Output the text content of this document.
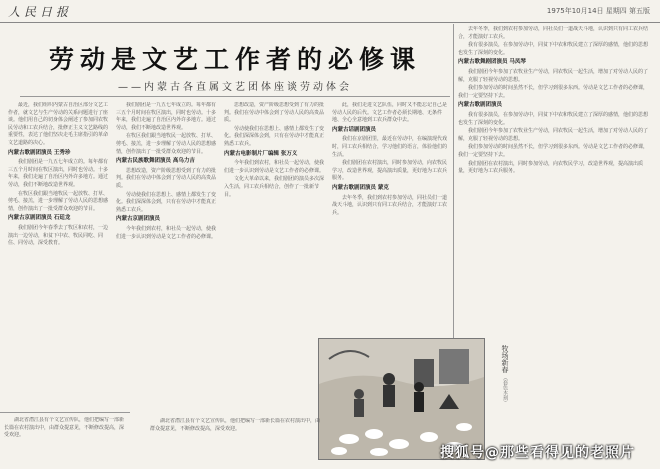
人民日报	1975年10月14日 星期四 第五版
劳动是文艺工作者的必修课
——内蒙古各直属文艺团体座谈劳动体会

最近，我们组织内蒙古自治区部分文艺工作者，就文艺与生产劳动的关系问题进行了座谈。他们用自己的切身体会阐述了参加同农牧民劳动和工农兵结合，批修正主义文艺路线的重要性，表达了他们坚决走毛主席指引的革命文艺道路的决心。

内蒙古歌剧团演员 王秀珍

我们剧团是一九五七年成立的。每年都有三五个月时间在牧区演出，同时也劳动。十多年来，我们走遍了自治区内外许多地方。通过劳动，我们不断地改造世界观。

在牧区我们跟当地牧民一起放牧、打草、剪毛、接羔，进一步理解了劳动人民的思想感情，创作演出了一批受群众欢迎的节目。

内蒙古京剧团演员 石廷龙

我们剧团今年春季去了牧区和农村，一边演出一边劳动，和贫下中农、牧民同吃、同住、同劳动，深受教育。

我们剧团是一九五七年成立的。每年都有三五个月时间在牧区演出，同时也劳动。十多年来，我们走遍了自治区内外许多地方。通过劳动，我们不断地改造世界观。

在牧区我们跟当地牧民一起放牧、打草、剪毛、接羔，进一步理解了劳动人民的思想感情，创作演出了一批受群众欢迎的节目。

内蒙古民族歌舞团演员 高乌力吉

思想改造，资产阶级思想受到了有力的批判。我们在劳动中体会到了劳动人民的高贵品质。

劳动使我们在思想上、感情上都发生了变化。我们深深体会到，只有在劳动中才能真正熟悉工农兵。

内蒙古京剧团演员

今年我们到农村，和社员一起劳动，使我们进一步认识到劳动是文艺工作者的必修课。

思想改造，资产阶级思想受到了有力的批判。我们在劳动中体会到了劳动人民的高贵品质。

劳动使我们在思想上、感情上都发生了变化。我们深深体会到，只有在劳动中才能真正熟悉工农兵。

内蒙古电影制片厂编辑 张万义

今年我们到农村，和社员一起劳动，使我们进一步认识到劳动是文艺工作者的必修课。

文化大革命以来，我们剧团的演员多次深入生活，同工农兵相结合，创作了一批新节目。

此，我们走进文艺队伍，同时又不能忘记自己是劳动人民的后代。文艺工作者必须长期地、无条件地、全心全意地到工农兵群众中去。

内蒙古话剧团演员

我们在京剧团里，最近在劳动中，在编演现代戏时，同工农兵相结合，学习他们的语言，体验他们的生活。

我们剧团在农村演出，同时参加劳动，向农牧民学习，改造世界观，提高演出质量，更好地为工农兵服务。

内蒙古歌剧团演员 蒙克

去年冬季，我们到农村参加劳动，同社员们一道战天斗地，认识到只有同工农兵结合，才能演好工农兵。

去年冬季，我们到农村参加劳动，同社员们一道战天斗地，认识到只有同工农兵结合，才能演好工农兵。

我有很多演员，在参加劳动中，同贫下中农和牧民建立了深厚的感情，他们的思想也发生了深刻的变化。

内蒙古歌舞剧团演员 马凤琴

我们剧团今年参加了农牧业生产劳动，同农牧民一起生活，增加了对劳动人民的了解，克服了轻视劳动的思想。

我们参加劳动的时间虽然不长，但学习到很多东西。劳动是文艺工作者的必修课，我们一定要坚持下去。

内蒙古歌剧团演员

我有很多演员，在参加劳动中，同贫下中农和牧民建立了深厚的感情，他们的思想也发生了深刻的变化。

我们剧团今年参加了农牧业生产劳动，同农牧民一起生活，增加了对劳动人民的了解，克服了轻视劳动的思想。

我们参加劳动的时间虽然不长，但学习到很多东西。劳动是文艺工作者的必修课，我们一定要坚持下去。

我们剧团在农村演出，同时参加劳动，向农牧民学习，改造世界观，提高演出质量，更好地为工农兵服务。

牧场新春 （套色木刻）

湖北省潜江县有个文艺宣传队，他们把编写一部新长篇在农村演出中，由群众提意见，不断修改提高，深受欢迎。

湖北省潜江县有个文艺宣传队，他们把编写一部新长篇在农村演出中，由群众提意见，不断修改提高，深受欢迎。

搜狐号@那些看得见的老照片
